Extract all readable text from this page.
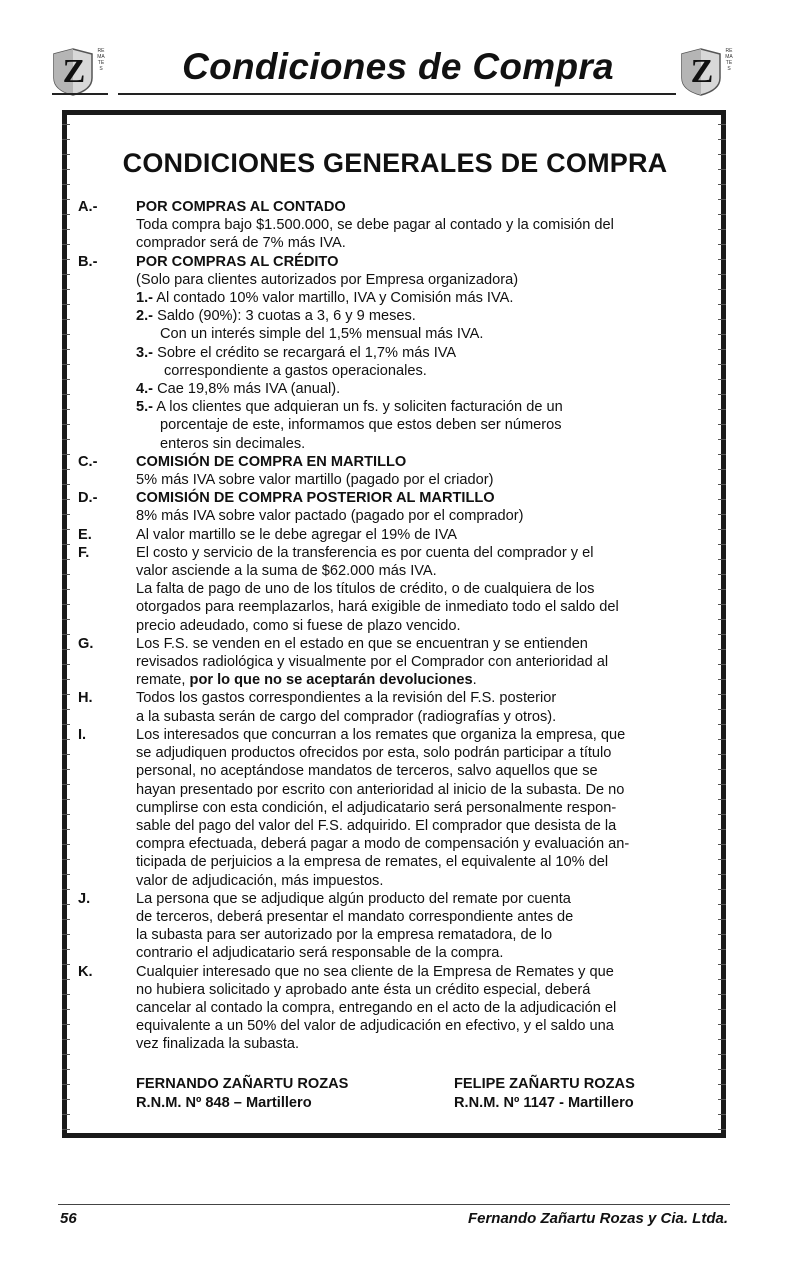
Z
REMATES	Condiciones de Compra	Z
REMATES
CONDICIONES GENERALES DE COMPRA
A.-	POR COMPRAS AL CONTADO
Toda compra bajo $1.500.000, se debe pagar al contado y la comisión del
comprador será de 7% más IVA.
B.-	POR COMPRAS AL CRÉDITO
(Solo para clientes autorizados por Empresa organizadora)
1.- Al contado 10% valor martillo, IVA y Comisión más IVA.
2.- Saldo (90%): 3 cuotas a 3, 6 y 9 meses.
Con un interés simple del 1,5% mensual más IVA.
3.- Sobre el crédito se recargará el 1,7% más IVA
correspondiente a gastos operacionales.
4.- Cae 19,8% más IVA (anual).
5.- A los clientes que adquieran un fs. y soliciten facturación de un
porcentaje de este, informamos que estos deben ser números
enteros sin decimales.
C.-	COMISIÓN DE COMPRA EN MARTILLO
5% más IVA sobre valor martillo (pagado por el criador)
D.-	COMISIÓN DE COMPRA POSTERIOR AL MARTILLO
8% más IVA sobre valor pactado (pagado por el comprador)
E.	Al valor martillo se le debe agregar el 19% de IVA
F.	El costo y servicio de la transferencia es por cuenta del comprador y el
valor asciende a la suma de $62.000 más IVA.
La falta de pago de uno de los títulos de crédito, o de cualquiera de los
otorgados para reemplazarlos, hará exigible de inmediato todo el saldo del
precio adeudado, como si fuese de plazo vencido.
G.	Los F.S. se venden en el estado en que se encuentran y se entienden
revisados radiológica y visualmente por el Comprador con anterioridad al
remate, por lo que no se aceptarán devoluciones.
H.	Todos los gastos correspondientes a la revisión del F.S. posterior
a la subasta serán de cargo del comprador (radiografías y otros).
I.	Los interesados que concurran a los remates que organiza la empresa, que
se adjudiquen productos ofrecidos por esta, solo podrán participar a título
personal, no aceptándose mandatos de terceros, salvo aquellos que se
hayan presentado por escrito con anterioridad al inicio de la subasta. De no
cumplirse con esta condición, el adjudicatario será personalmente respon-
sable del pago del valor del F.S. adquirido. El comprador que desista de la
compra efectuada, deberá pagar a modo de compensación y evaluación an-
ticipada de perjuicios a la empresa de remates, el equivalente al 10% del
valor de adjudicación, más impuestos.
J.	La persona que se adjudique algún producto del remate por cuenta
de terceros, deberá presentar el mandato correspondiente antes de
la subasta para ser autorizado por la empresa rematadora, de lo
contrario el adjudicatario será responsable de la compra.
K.	Cualquier interesado que no sea cliente de la Empresa de Remates y que
no hubiera solicitado y aprobado ante ésta un crédito especial, deberá
cancelar al contado la compra, entregando en el acto de la adjudicación el
equivalente a un 50% del valor de adjudicación en efectivo, y el saldo una
vez finalizada la subasta.
FERNANDO ZAÑARTU ROZAS
R.N.M. Nº 848 – Martillero
FELIPE ZAÑARTU ROZAS
R.N.M. Nº 1147 - Martillero
56	Fernando Zañartu Rozas y Cia. Ltda.
